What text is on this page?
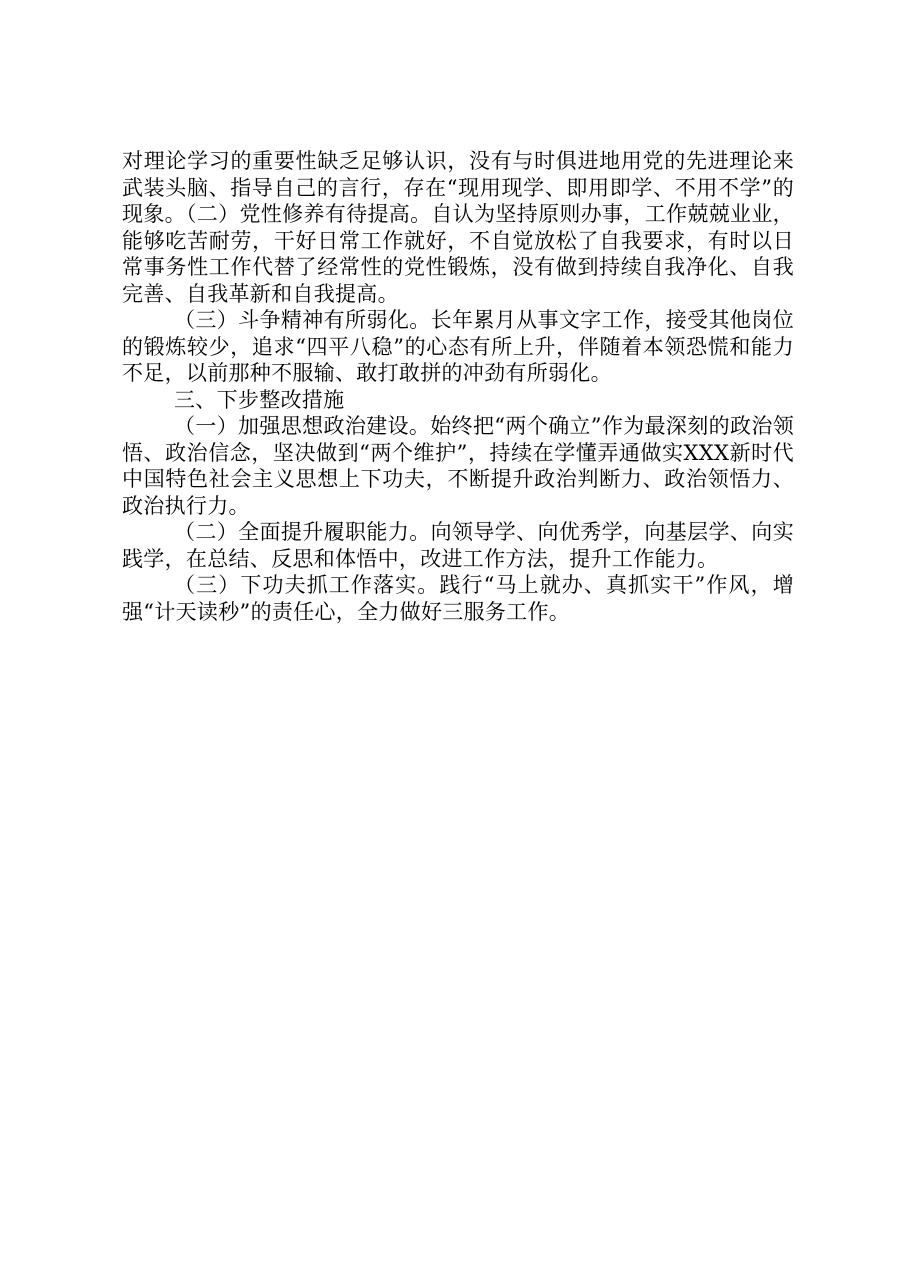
对理论学习的重要性缺乏足够认识，没有与时俱进地用党的先进理论来武装头脑、指导自己的言行，存在“现用现学、即用即学、不用不学”的现象。（二）党性修养有待提高。自认为坚持原则办事，工作兢兢业业，能够吃苦耐劳，干好日常工作就好，不自觉放松了自我要求，有时以日常事务性工作代替了经常性的党性锻炼，没有做到持续自我净化、自我完善、自我革新和自我提高。

（三）斗争精神有所弱化。长年累月从事文字工作，接受其他岗位的锻炼较少，追求“四平八稳”的心态有所上升，伴随着本领恐慌和能力不足，以前那种不服输、敢打敢拼的冲劲有所弱化。

三、下步整改措施

（一）加强思想政治建设。始终把“两个确立”作为最深刻的政治领悟、政治信念，坚决做到“两个维护”，持续在学懂弄通做实XXX新时代中国特色社会主义思想上下功夫，不断提升政治判断力、政治领悟力、政治执行力。

（二）全面提升履职能力。向领导学、向优秀学，向基层学、向实践学，在总结、反思和体悟中，改进工作方法，提升工作能力。

（三）下功夫抓工作落实。践行“马上就办、真抓实干”作风，增强“计天读秒”的责任心，全力做好三服务工作。
